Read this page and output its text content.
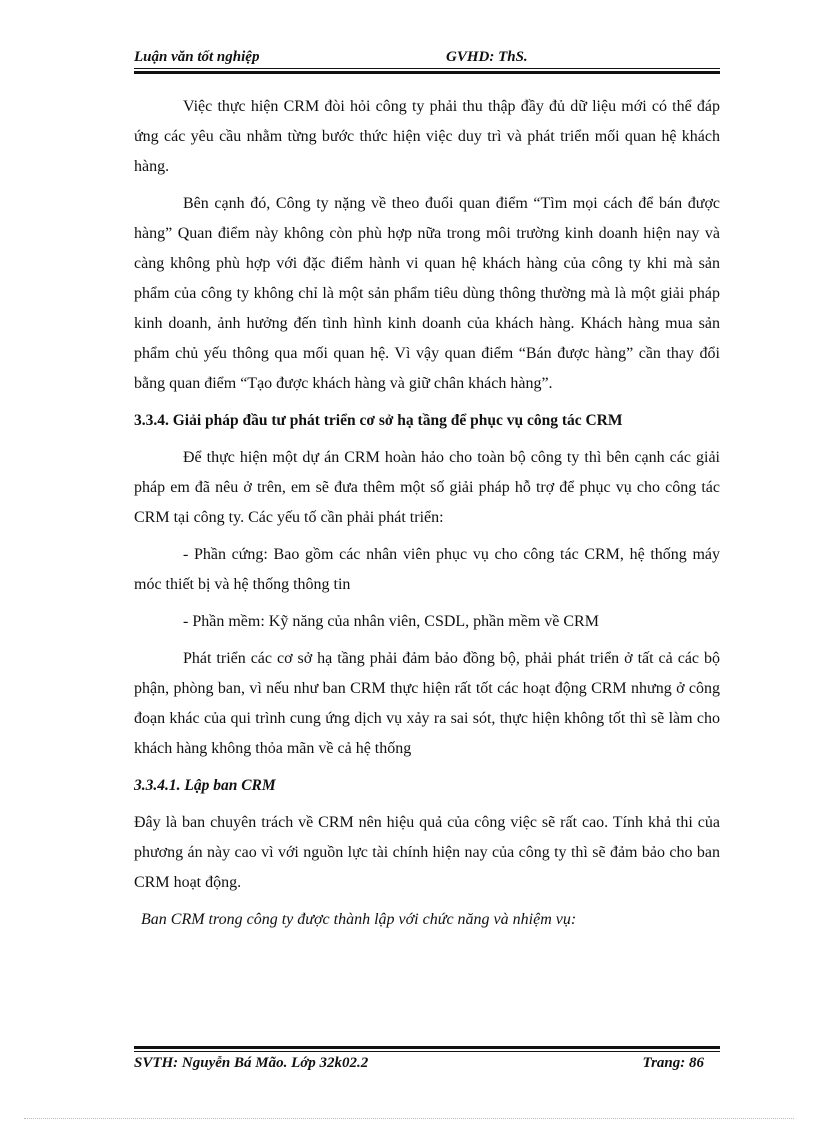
Luận văn tốt nghiệp	GVHD: ThS.

Việc thực hiện CRM đòi hỏi công ty phải thu thập đầy đủ dữ liệu mới có thể đáp ứng các yêu cầu nhằm từng bước thức hiện việc duy trì và phát triển mối quan hệ khách hàng.

Bên cạnh đó, Công ty nặng về theo đuổi quan điểm “Tìm mọi cách để bán được hàng” Quan điểm này không còn phù hợp nữa trong môi trường kinh doanh hiện nay và càng không phù hợp với đặc điểm hành vi quan hệ khách hàng của công ty khi mà sản phẩm của công ty không chỉ là một sản phẩm tiêu dùng thông thường mà là một giải pháp kinh doanh, ảnh hưởng đến tình hình kinh doanh của khách hàng. Khách hàng mua sản phẩm chủ yếu thông qua mối quan hệ. Vì vậy quan điểm “Bán được hàng” cần thay đổi bằng quan điểm “Tạo được khách hàng và giữ chân khách hàng”.

3.3.4. Giải pháp đầu tư phát triển cơ sở hạ tầng để phục vụ công tác CRM

Để thực hiện một dự án CRM hoàn hảo cho toàn bộ công ty thì bên cạnh các giải pháp em đã nêu ở trên, em sẽ đưa thêm một số giải pháp hỗ trợ để phục vụ cho công tác CRM tại công ty. Các yếu tố cần phải phát triển:

- Phần cứng: Bao gồm các nhân viên phục vụ cho công tác CRM, hệ thống máy móc thiết bị và hệ thống thông tin

- Phần mềm: Kỹ năng của nhân viên, CSDL, phần mềm về CRM

Phát triển các cơ sở hạ tầng phải đảm bảo đồng bộ, phải phát triển ở tất cả các bộ phận, phòng ban, vì nếu như ban CRM thực hiện rất tốt các hoạt động CRM nhưng ở công đoạn khác của qui trình cung ứng dịch vụ xảy ra sai sót, thực hiện không tốt thì sẽ làm cho khách hàng không thỏa mãn về cả hệ thống

3.3.4.1. Lập ban CRM

Đây là ban chuyên trách về CRM nên hiệu quả của công việc sẽ rất cao. Tính khả thi của phương án này cao vì với nguồn lực tài chính hiện nay của công ty thì sẽ đảm bảo cho ban CRM hoạt động.

Ban CRM trong công ty được thành lập với chức năng và nhiệm vụ:

SVTH: Nguyễn Bá Mão. Lớp 32k02.2	Trang: 86
